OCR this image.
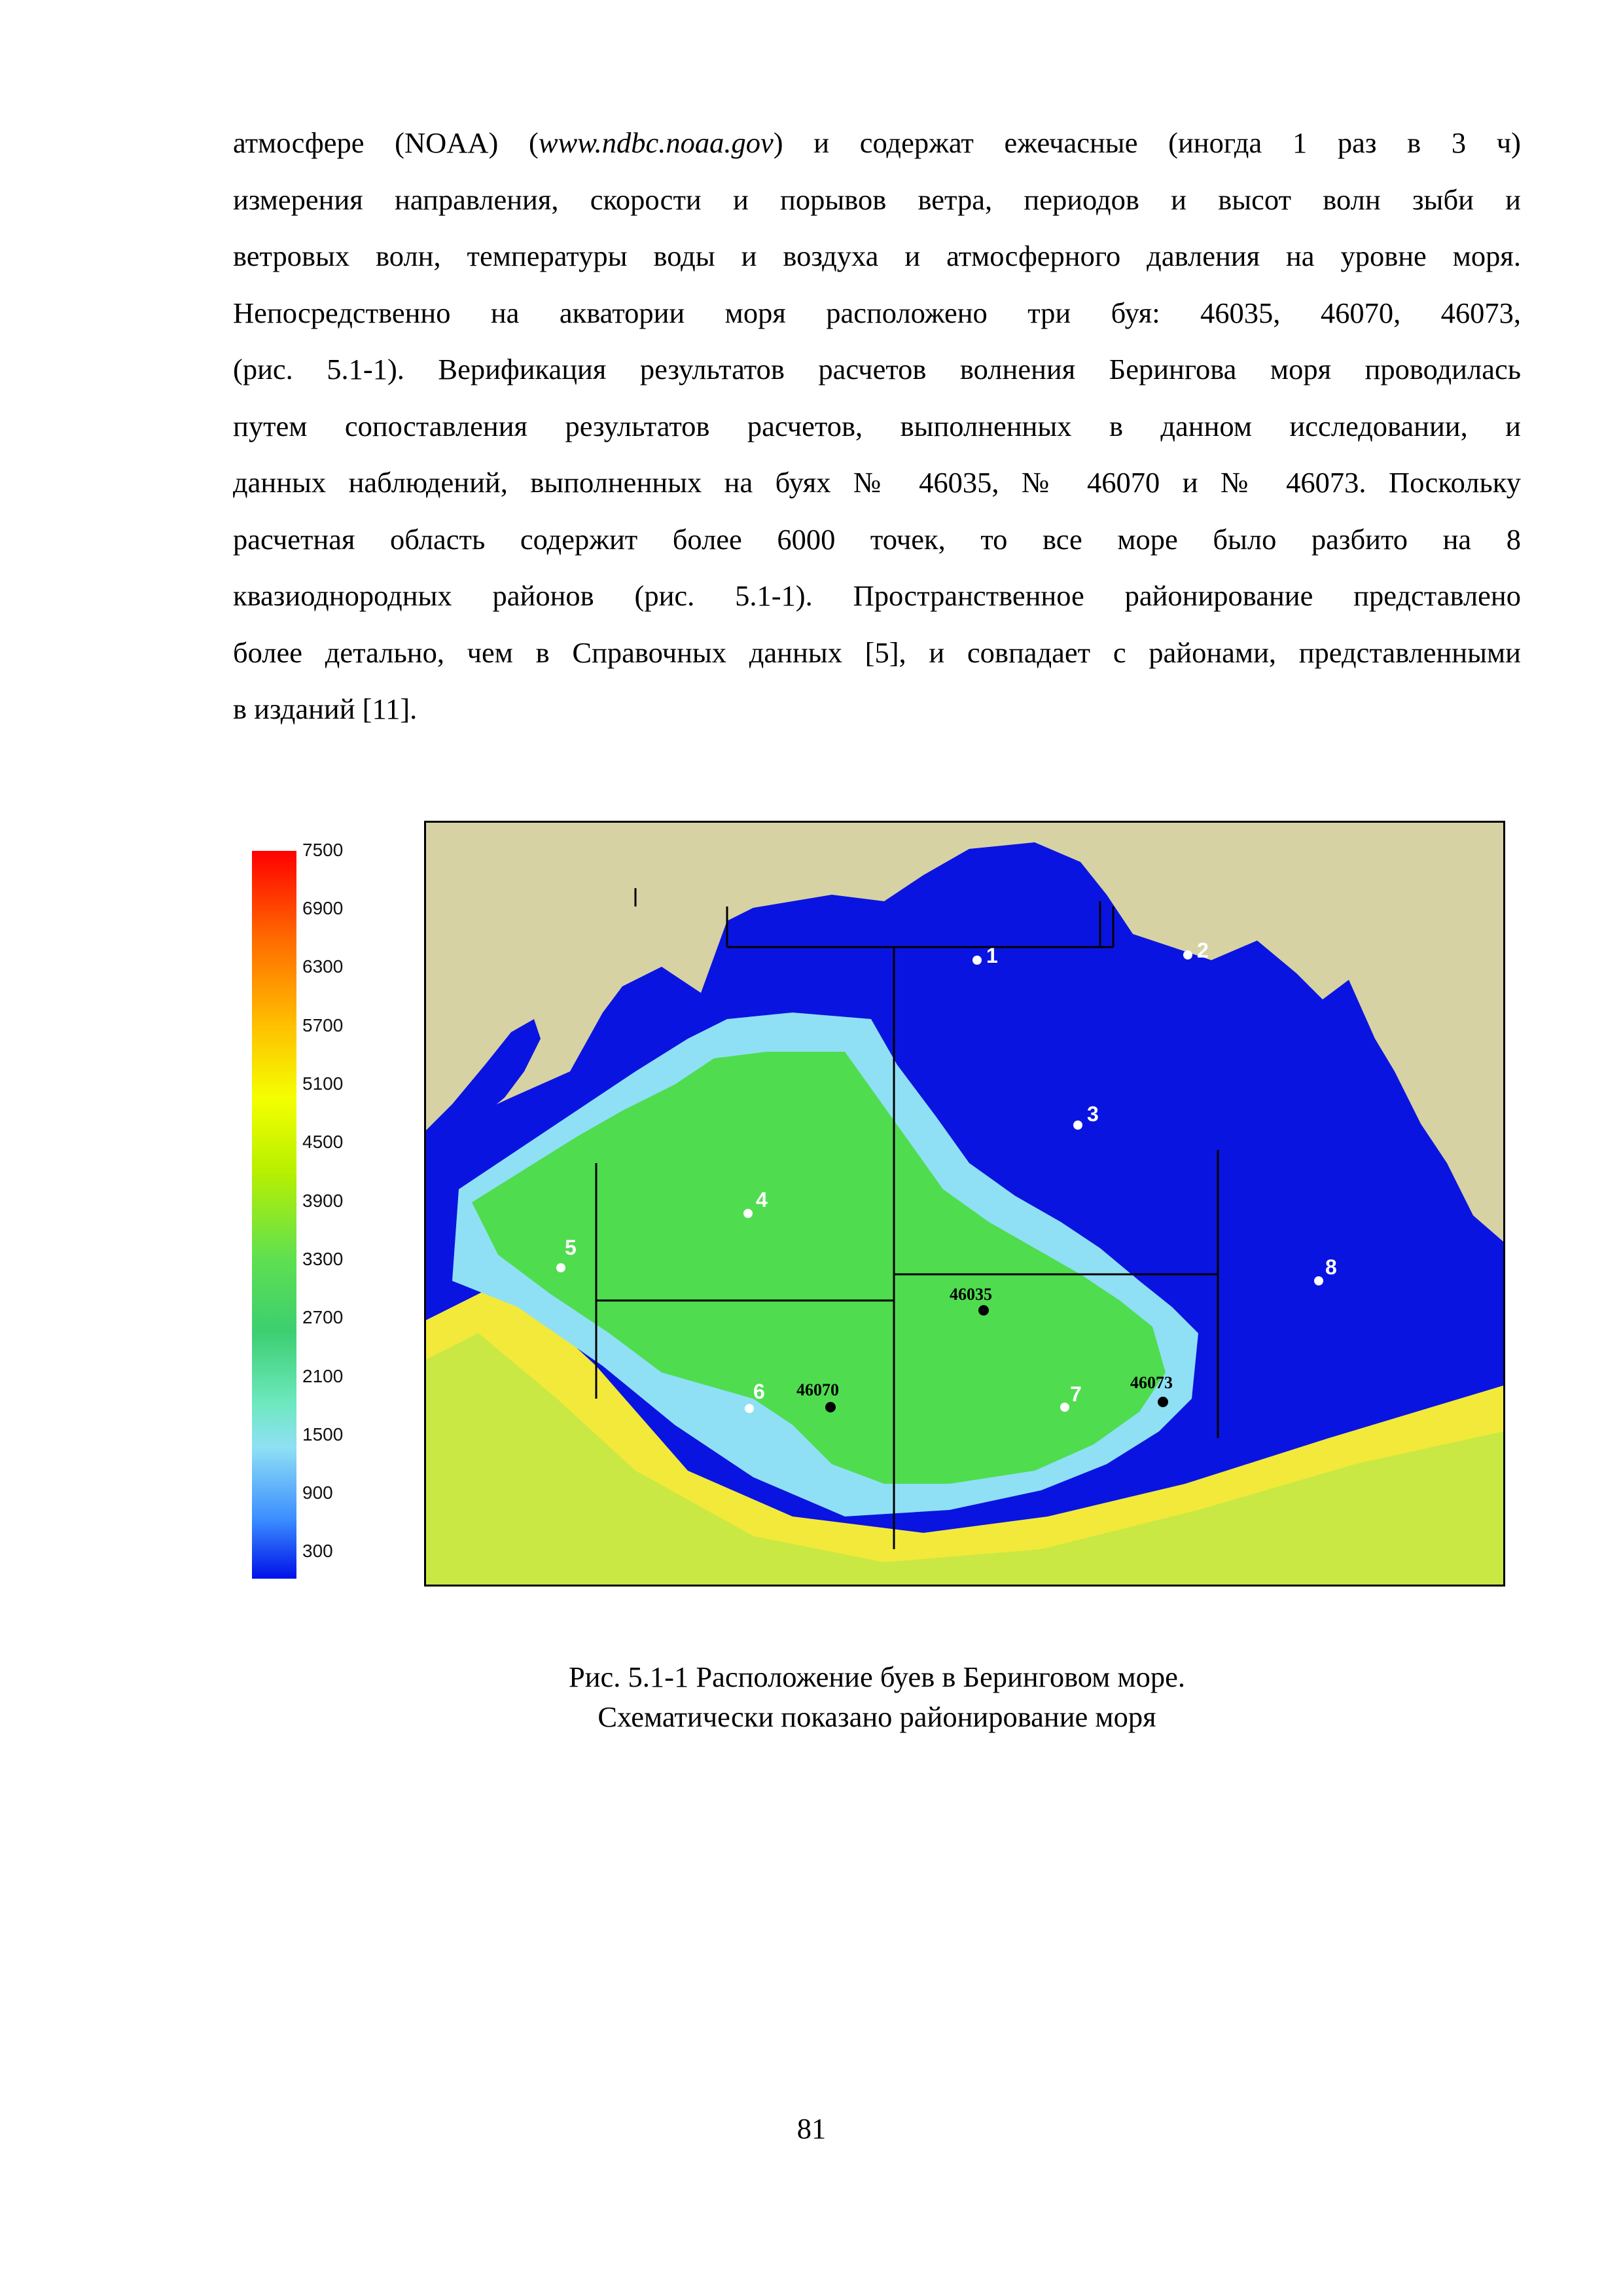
атмосфере (NOAA) (www.ndbc.noaa.gov) и содержат ежечасные (иногда 1 раз в 3 ч)
измерения направления, скорости и порывов ветра, периодов и высот волн зыби и
ветровых волн, температуры воды и воздуха и атмосферного давления на уровне моря.
Непосредственно на акватории моря расположено три буя: 46035, 46070, 46073,
(рис. 5.1-1). Верификация результатов расчетов волнения Берингова моря проводилась
путем сопоставления результатов расчетов, выполненных в данном исследовании, и
данных наблюдений, выполненных на буях № 46035, № 46070 и № 46073. Поскольку
расчетная область содержит более 6000 точек, то все море было разбито на 8
квазиоднородных районов (рис. 5.1-1). Пространственное районирование представлено
более детально, чем в Справочных данных [5], и совпадает с районами, представленными
в изданий [11].
7500
6900
6300
5700
5100
4500
3900
3300
2700
2100
1500
900
300
1	2
3
4
5
6	7
8
46035
46070	46073
Рис. 5.1-1 Расположение буев в Беринговом море.
Схематически показано районирование моря
81
